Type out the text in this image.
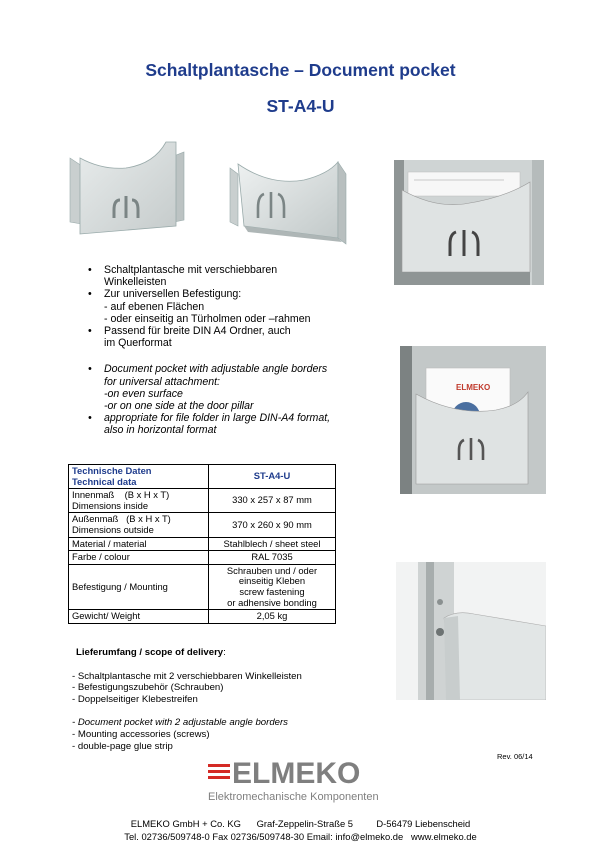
Schaltplantasche – Document pocket
ST-A4-U
ELMEKO
• Schaltplantasche mit verschiebbaren
Winkelleisten
• Zur universellen Befestigung:
- auf ebenen Flächen
- oder einseitig an Türholmen oder –rahmen
• Passend für breite DIN A4 Ordner, auch
im Querformat
• Document pocket with adjustable angle borders
for universal attachment:
-on even surface
-or on one side at the door pillar
• appropriate for file folder in large DIN-A4 format,
also in horizontal format
Technische Daten
Technical data	ST-A4-U

Innenmaß    (B x H x T)
Dimensions inside	330 x 257 x 87 mm

Außenmaß   (B x H x T)
Dimensions outside	370 x 260 x 90 mm

Material / material	Stahlblech / sheet steel

Farbe / colour	RAL 7035

Befestigung / Mounting	Schrauben und / oder
einseitig Kleben
screw fastening
or adhensive bonding

Gewicht/ Weight	2,05 kg
Lieferumfang / scope of delivery:
- Schaltplantasche mit 2 verschiebbaren Winkelleisten
- Befestigungszubehör (Schrauben)
- Doppelseitiger Klebestreifen
- Document pocket with 2 adjustable angle borders
- Mounting accessories (screws)
- double-page glue strip
Rev. 06/14
ELMEKO
Elektromechanische Komponenten
ELMEKO GmbH + Co. KG      Graf-Zeppelin-Straße 5         D-56479 Liebenscheid
Tel. 02736/509748-0 Fax 02736/509748-30 Email: info@elmeko.de   www.elmeko.de
